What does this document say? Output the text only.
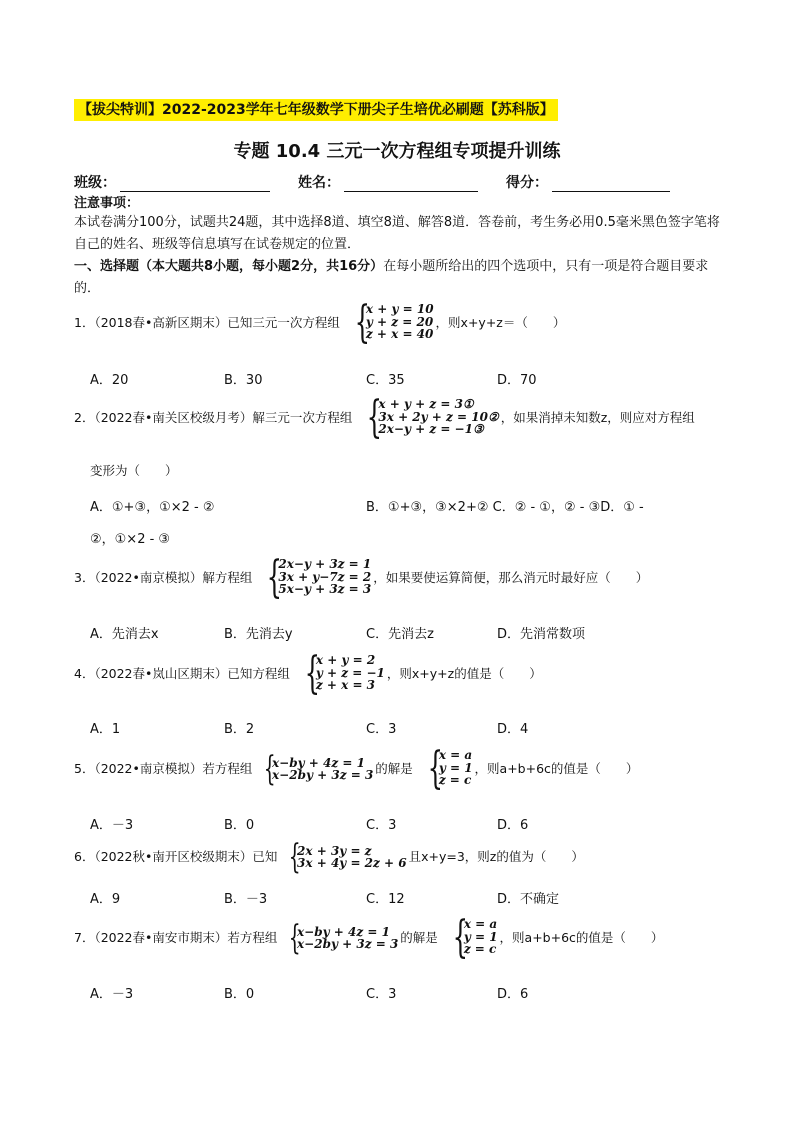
【拔尖特训】2022-2023学年七年级数学下册尖子生培优必刷题【苏科版】
专题 10.4 三元一次方程组专项提升训练
班级：	姓名：	得分：
注意事项：
本试卷满分100分，试题共24题，其中选择8道、填空8道、解答8道．答卷前，考生务必用0.5毫米黑色签字笔将自己的姓名、班级等信息填写在试卷规定的位置．
一、选择题（本大题共8小题，每小题2分，共16分）在每小题所给出的四个选项中，只有一项是符合题目要求的．
1．（2018春•高新区期末）已知三元一次方程组 {
x + y = 10
y + z = 20
z + x = 40
，则x+y+z＝（　　）
A．20	B．30	C．35	D．70
2．（2022春•南关区校级月考）解三元一次方程组 {
x + y + z = 3①
3x + 2y + z = 10②
2x−y + z = −1③
，如果消掉未知数z，则应对方程组
变形为（　　）
A．①+③，①×2 - ②	B．①+③，③×2+② C．② - ①，② - ③D．① -
②，①×2 - ③
3．（2022•南京模拟）解方程组 {
2x−y + 3z = 1
3x + y−7z = 2
5x−y + 3z = 3
，如果要使运算简便，那么消元时最好应（　　）
A．先消去x	B．先消去y	C．先消去z	D．先消常数项
4．（2022春•岚山区期末）已知方程组 {
x + y = 2
y + z = −1
z + x = 3
，则x+y+z的值是（　　）
A．1	B．2	C．3	D．4
5．（2022•南京模拟）若方程组 {
x−by + 4z = 1
x−2by + 3z = 3 的解是 {
x = a
y = 1
z = c
，则a+b+6c的值是（　　）
A．－3	B．0	C．3	D．6
6．（2022秋•南开区校级期末）已知 {
2x + 3y = z
3x + 4y = 2z + 6 且x+y=3，则z的值为（　　）
A．9	B．－3	C．12	D．不确定
7．（2022春•南安市期末）若方程组 {
x−by + 4z = 1
x−2by + 3z = 3 的解是 {
x = a
y = 1
z = c
，则a+b+6c的值是（　　）
A．－3	B．0	C．3	D．6
